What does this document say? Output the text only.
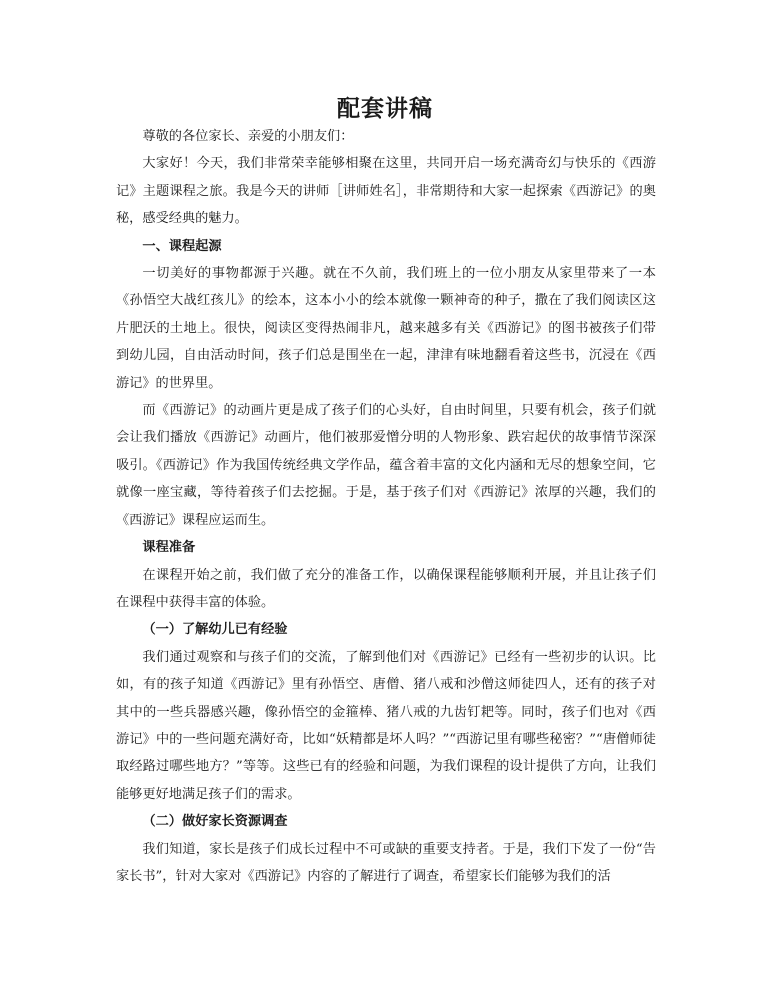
配套讲稿

尊敬的各位家长、亲爱的小朋友们：

大家好！今天，我们非常荣幸能够相聚在这里，共同开启一场充满奇幻与快乐的《西游记》主题课程之旅。我是今天的讲师［讲师姓名］，非常期待和大家一起探索《西游记》的奥秘，感受经典的魅力。

一、课程起源

一切美好的事物都源于兴趣。就在不久前，我们班上的一位小朋友从家里带来了一本《孙悟空大战红孩儿》的绘本，这本小小的绘本就像一颗神奇的种子，撒在了我们阅读区这片肥沃的土地上。很快，阅读区变得热闹非凡，越来越多有关《西游记》的图书被孩子们带到幼儿园，自由活动时间，孩子们总是围坐在一起，津津有味地翻看着这些书，沉浸在《西游记》的世界里。

而《西游记》的动画片更是成了孩子们的心头好，自由时间里，只要有机会，孩子们就会让我们播放《西游记》动画片，他们被那爱憎分明的人物形象、跌宕起伏的故事情节深深吸引。《西游记》作为我国传统经典文学作品，蕴含着丰富的文化内涵和无尽的想象空间，它就像一座宝藏，等待着孩子们去挖掘。于是，基于孩子们对《西游记》浓厚的兴趣，我们的《西游记》课程应运而生。

课程准备

在课程开始之前，我们做了充分的准备工作，以确保课程能够顺利开展，并且让孩子们在课程中获得丰富的体验。

（一）了解幼儿已有经验

我们通过观察和与孩子们的交流，了解到他们对《西游记》已经有一些初步的认识。比如，有的孩子知道《西游记》里有孙悟空、唐僧、猪八戒和沙僧这师徒四人，还有的孩子对其中的一些兵器感兴趣，像孙悟空的金箍棒、猪八戒的九齿钉耙等。同时，孩子们也对《西游记》中的一些问题充满好奇，比如“妖精都是坏人吗？”“西游记里有哪些秘密？”“唐僧师徒取经路过哪些地方？”等等。这些已有的经验和问题，为我们课程的设计提供了方向，让我们能够更好地满足孩子们的需求。

（二）做好家长资源调查

我们知道，家长是孩子们成长过程中不可或缺的重要支持者。于是，我们下发了一份“告家长书”，针对大家对《西游记》内容的了解进行了调查，希望家长们能够为我们的活
